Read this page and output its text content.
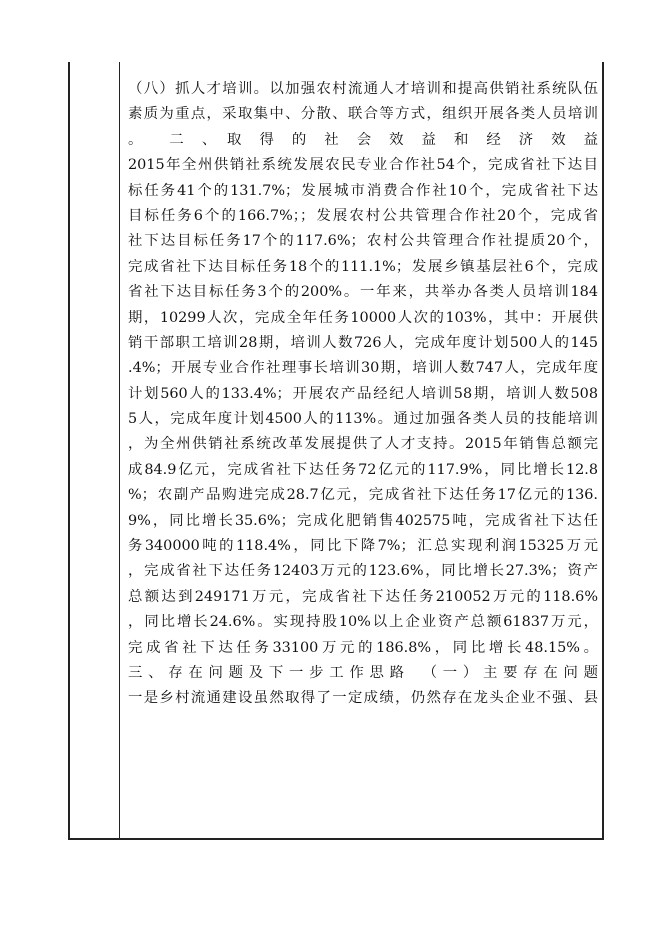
（八）抓人才培训。以加强农村流通人才培训和提高供销社系统队伍
素质为重点，采取集中、分散、联合等方式，组织开展各类人员培训
。　　二　、　取　得　的　社　会　效　益　和　经　济　效　益
2015年全州供销社系统发展农民专业合作社54个，完成省社下达目
标任务41个的131.7%；发展城市消费合作社10个，完成省社下达
目标任务6个的166.7%；；发展农村公共管理合作社20个，完成省
社下达目标任务17个的117.6%；农村公共管理合作社提质20个，
完成省社下达目标任务18个的111.1%；发展乡镇基层社6个，完成
省社下达目标任务3个的200%。一年来，共举办各类人员培训184
期，10299人次，完成全年任务10000人次的103%，其中：开展供
销干部职工培训28期，培训人数726人，完成年度计划500人的145
.4%；开展专业合作社理事长培训30期，培训人数747人，完成年度
计划560人的133.4%；开展农产品经纪人培训58期，培训人数508
5人，完成年度计划4500人的113%。通过加强各类人员的技能培训
，为全州供销社系统改革发展提供了人才支持。2015年销售总额完
成84.9亿元，完成省社下达任务72亿元的117.9%，同比增长12.8
%；农副产品购进完成28.7亿元，完成省社下达任务17亿元的136.
9%，同比增长35.6%；完成化肥销售402575吨，完成省社下达任
务340000吨的118.4%，同比下降7%；汇总实现利润15325万元
，完成省社下达任务12403万元的123.6%，同比增长27.3%；资产
总额达到249171万元，完成省社下达任务210052万元的118.6%
，同比增长24.6%。实现持股10%以上企业资产总额61837万元，
完成省社下达任务33100万元的186.8%，同比增长48.15%。
三、存在问题及下一步工作思路　（一）主要存在问题
一是乡村流通建设虽然取得了一定成绩，仍然存在龙头企业不强、县
